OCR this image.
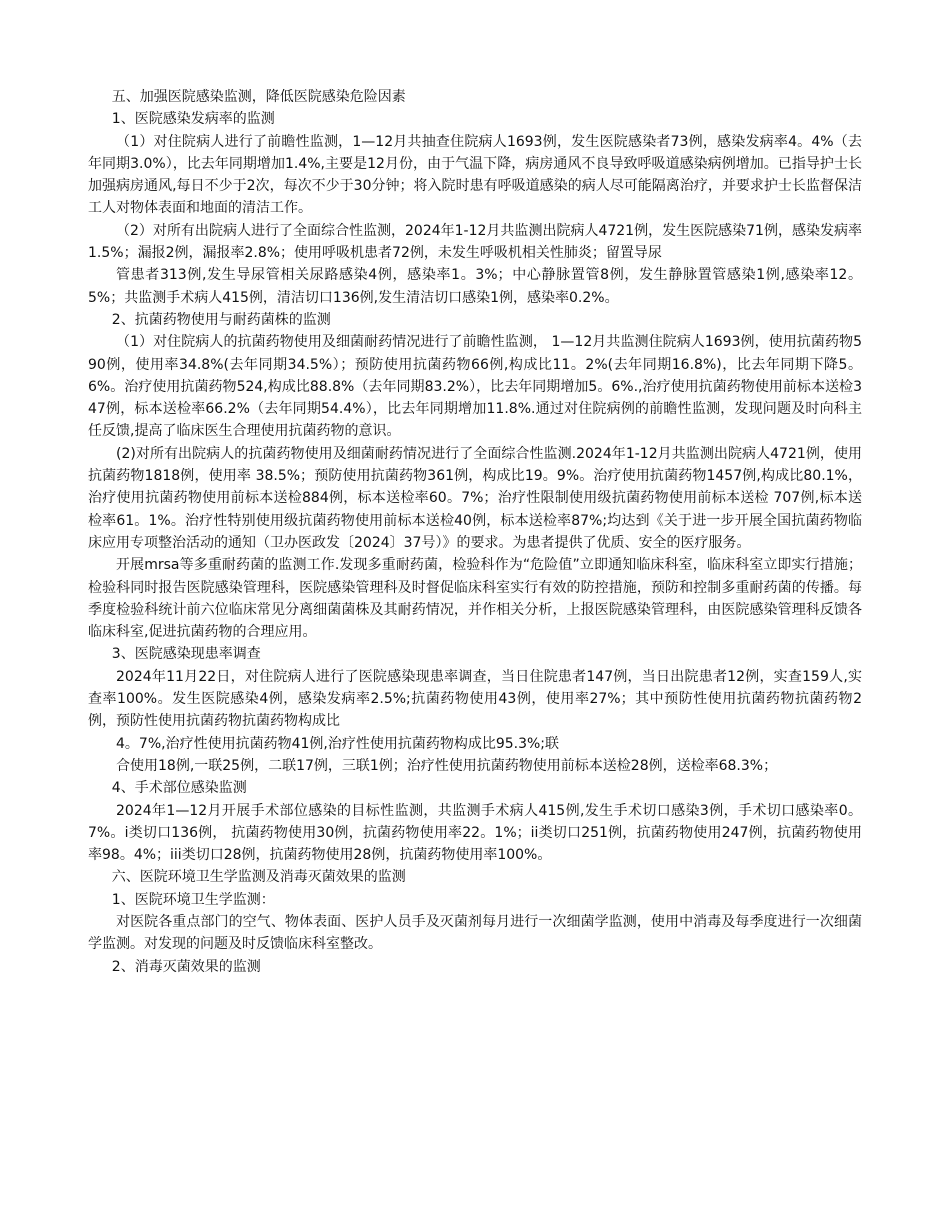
五、加强医院感染监测，降低医院感染危险因素

1、医院感染发病率的监测

（1）对住院病人进行了前瞻性监测，1—12月共抽查住院病人1693例，发生医院感染者73例，感染发病率4。4%（去年同期3.0%），比去年同期增加1.4%,主要是12月份，由于气温下降，病房通风不良导致呼吸道感染病例增加。已指导护士长加强病房通风,每日不少于2次，每次不少于30分钟；将入院时患有呼吸道感染的病人尽可能隔离治疗，并要求护士长监督保洁工人对物体表面和地面的清洁工作。

（2）对所有出院病人进行了全面综合性监测，2024年1-12月共监测出院病人4721例，发生医院感染71例，感染发病率1.5%；漏报2例，漏报率2.8%；使用呼吸机患者72例，未发生呼吸机相关性肺炎；留置导尿

管患者313例,发生导尿管相关尿路感染4例，感染率1。3%；中心静脉置管8例，发生静脉置管感染1例,感染率12。5%；共监测手术病人415例，清洁切口136例,发生清洁切口感染1例，感染率0.2%。

2、抗菌药物使用与耐药菌株的监测

（1）对住院病人的抗菌药物使用及细菌耐药情况进行了前瞻性监测， 1—12月共监测住院病人1693例，使用抗菌药物590例，使用率34.8%(去年同期34.5%）；预防使用抗菌药物66例,构成比11。2%(去年同期16.8%)，比去年同期下降5。6%。治疗使用抗菌药物524,构成比88.8%（去年同期83.2%），比去年同期增加5。6%.,治疗使用抗菌药物使用前标本送检347例，标本送检率66.2%（去年同期54.4%），比去年同期增加11.8%.通过对住院病例的前瞻性监测，发现问题及时向科主任反馈,提高了临床医生合理使用抗菌药物的意识。

(2)对所有出院病人的抗菌药物使用及细菌耐药情况进行了全面综合性监测.2024年1-12月共监测出院病人4721例，使用抗菌药物1818例，使用率 38.5%；预防使用抗菌药物361例，构成比19。9%。治疗使用抗菌药物1457例,构成比80.1%，治疗使用抗菌药物使用前标本送检884例，标本送检率60。7%；治疗性限制使用级抗菌药物使用前标本送检 707例,标本送检率61。1%。治疗性特别使用级抗菌药物使用前标本送检40例，标本送检率87%;均达到《关于进一步开展全国抗菌药物临床应用专项整治活动的通知（卫办医政发〔2024〕37号）》的要求。为患者提供了优质、安全的医疗服务。

开展mrsa等多重耐药菌的监测工作.发现多重耐药菌，检验科作为“危险值”立即通知临床科室，临床科室立即实行措施；检验科同时报告医院感染管理科，医院感染管理科及时督促临床科室实行有效的防控措施，预防和控制多重耐药菌的传播。每季度检验科统计前六位临床常见分离细菌菌株及其耐药情况，并作相关分析，上报医院感染管理科，由医院感染管理科反馈各临床科室,促进抗菌药物的合理应用。

3、医院感染现患率调查

2024年11月22日，对住院病人进行了医院感染现患率调查，当日住院患者147例，当日出院患者12例，实查159人,实查率100%。发生医院感染4例，感染发病率2.5%;抗菌药物使用43例，使用率27%；其中预防性使用抗菌药物抗菌药物2例，预防性使用抗菌药物抗菌药物构成比

4。7%,治疗性使用抗菌药物41例,治疗性使用抗菌药物构成比95.3%;联

合使用18例,一联25例，二联17例，三联1例；治疗性使用抗菌药物使用前标本送检28例，送检率68.3%；

4、手术部位感染监测

2024年1—12月开展手术部位感染的目标性监测，共监测手术病人415例,发生手术切口感染3例，手术切口感染率0。7%。i类切口136例， 抗菌药物使用30例，抗菌药物使用率22。1%；ii类切口251例，抗菌药物使用247例，抗菌药物使用率98。4%；iii类切口28例，抗菌药物使用28例，抗菌药物使用率100%。

六、医院环境卫生学监测及消毒灭菌效果的监测

1、医院环境卫生学监测：

对医院各重点部门的空气、物体表面、医护人员手及灭菌剂每月进行一次细菌学监测，使用中消毒及每季度进行一次细菌学监测。对发现的问题及时反馈临床科室整改。

2、消毒灭菌效果的监测
